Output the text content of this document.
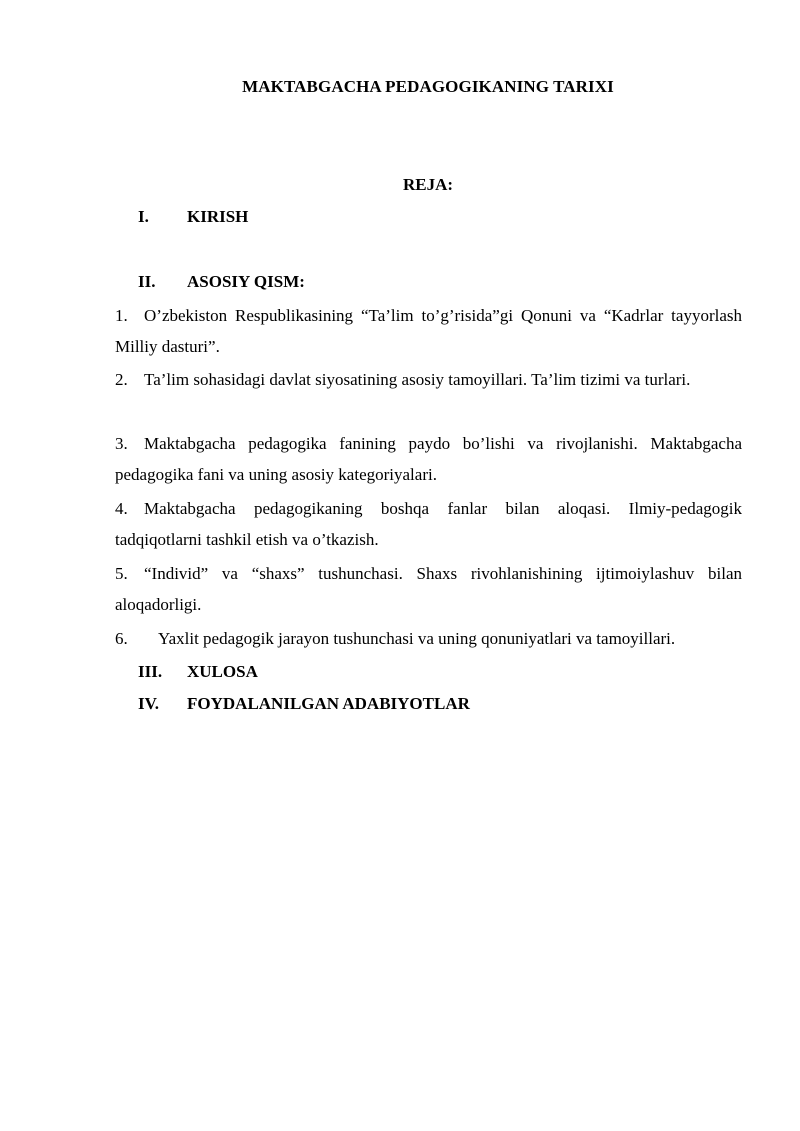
MAKTABGACHA PEDAGOGIKANING TARIXI
REJA:
I. KIRISH
II. ASOSIY QISM:
1. O’zbekiston Respublikasining “Ta’lim to’g’risida”gi Qonuni va “Kadrlar tayyorlash Milliy dasturi”.
2. Ta’lim sohasidagi davlat siyosatining asosiy tamoyillari. Ta’lim tizimi va turlari.
3. Maktabgacha pedagogika fanining paydo bo’lishi va rivojlanishi. Maktabgacha pedagogika fani va uning asosiy kategoriyalari.
4. Maktabgacha pedagogikaning boshqa fanlar bilan aloqasi. Ilmiy-pedagogik tadqiqotlarni tashkil etish va o’tkazish.
5. “Individ” va “shaxs” tushunchasi. Shaxs rivohlanishining ijtimoiylashuv bilan aloqadorligi.
6. Yaxlit pedagogik jarayon tushunchasi va uning qonuniyatlari va tamoyillari.
III. XULOSA
IV. FOYDALANILGAN ADABIYOTLAR
